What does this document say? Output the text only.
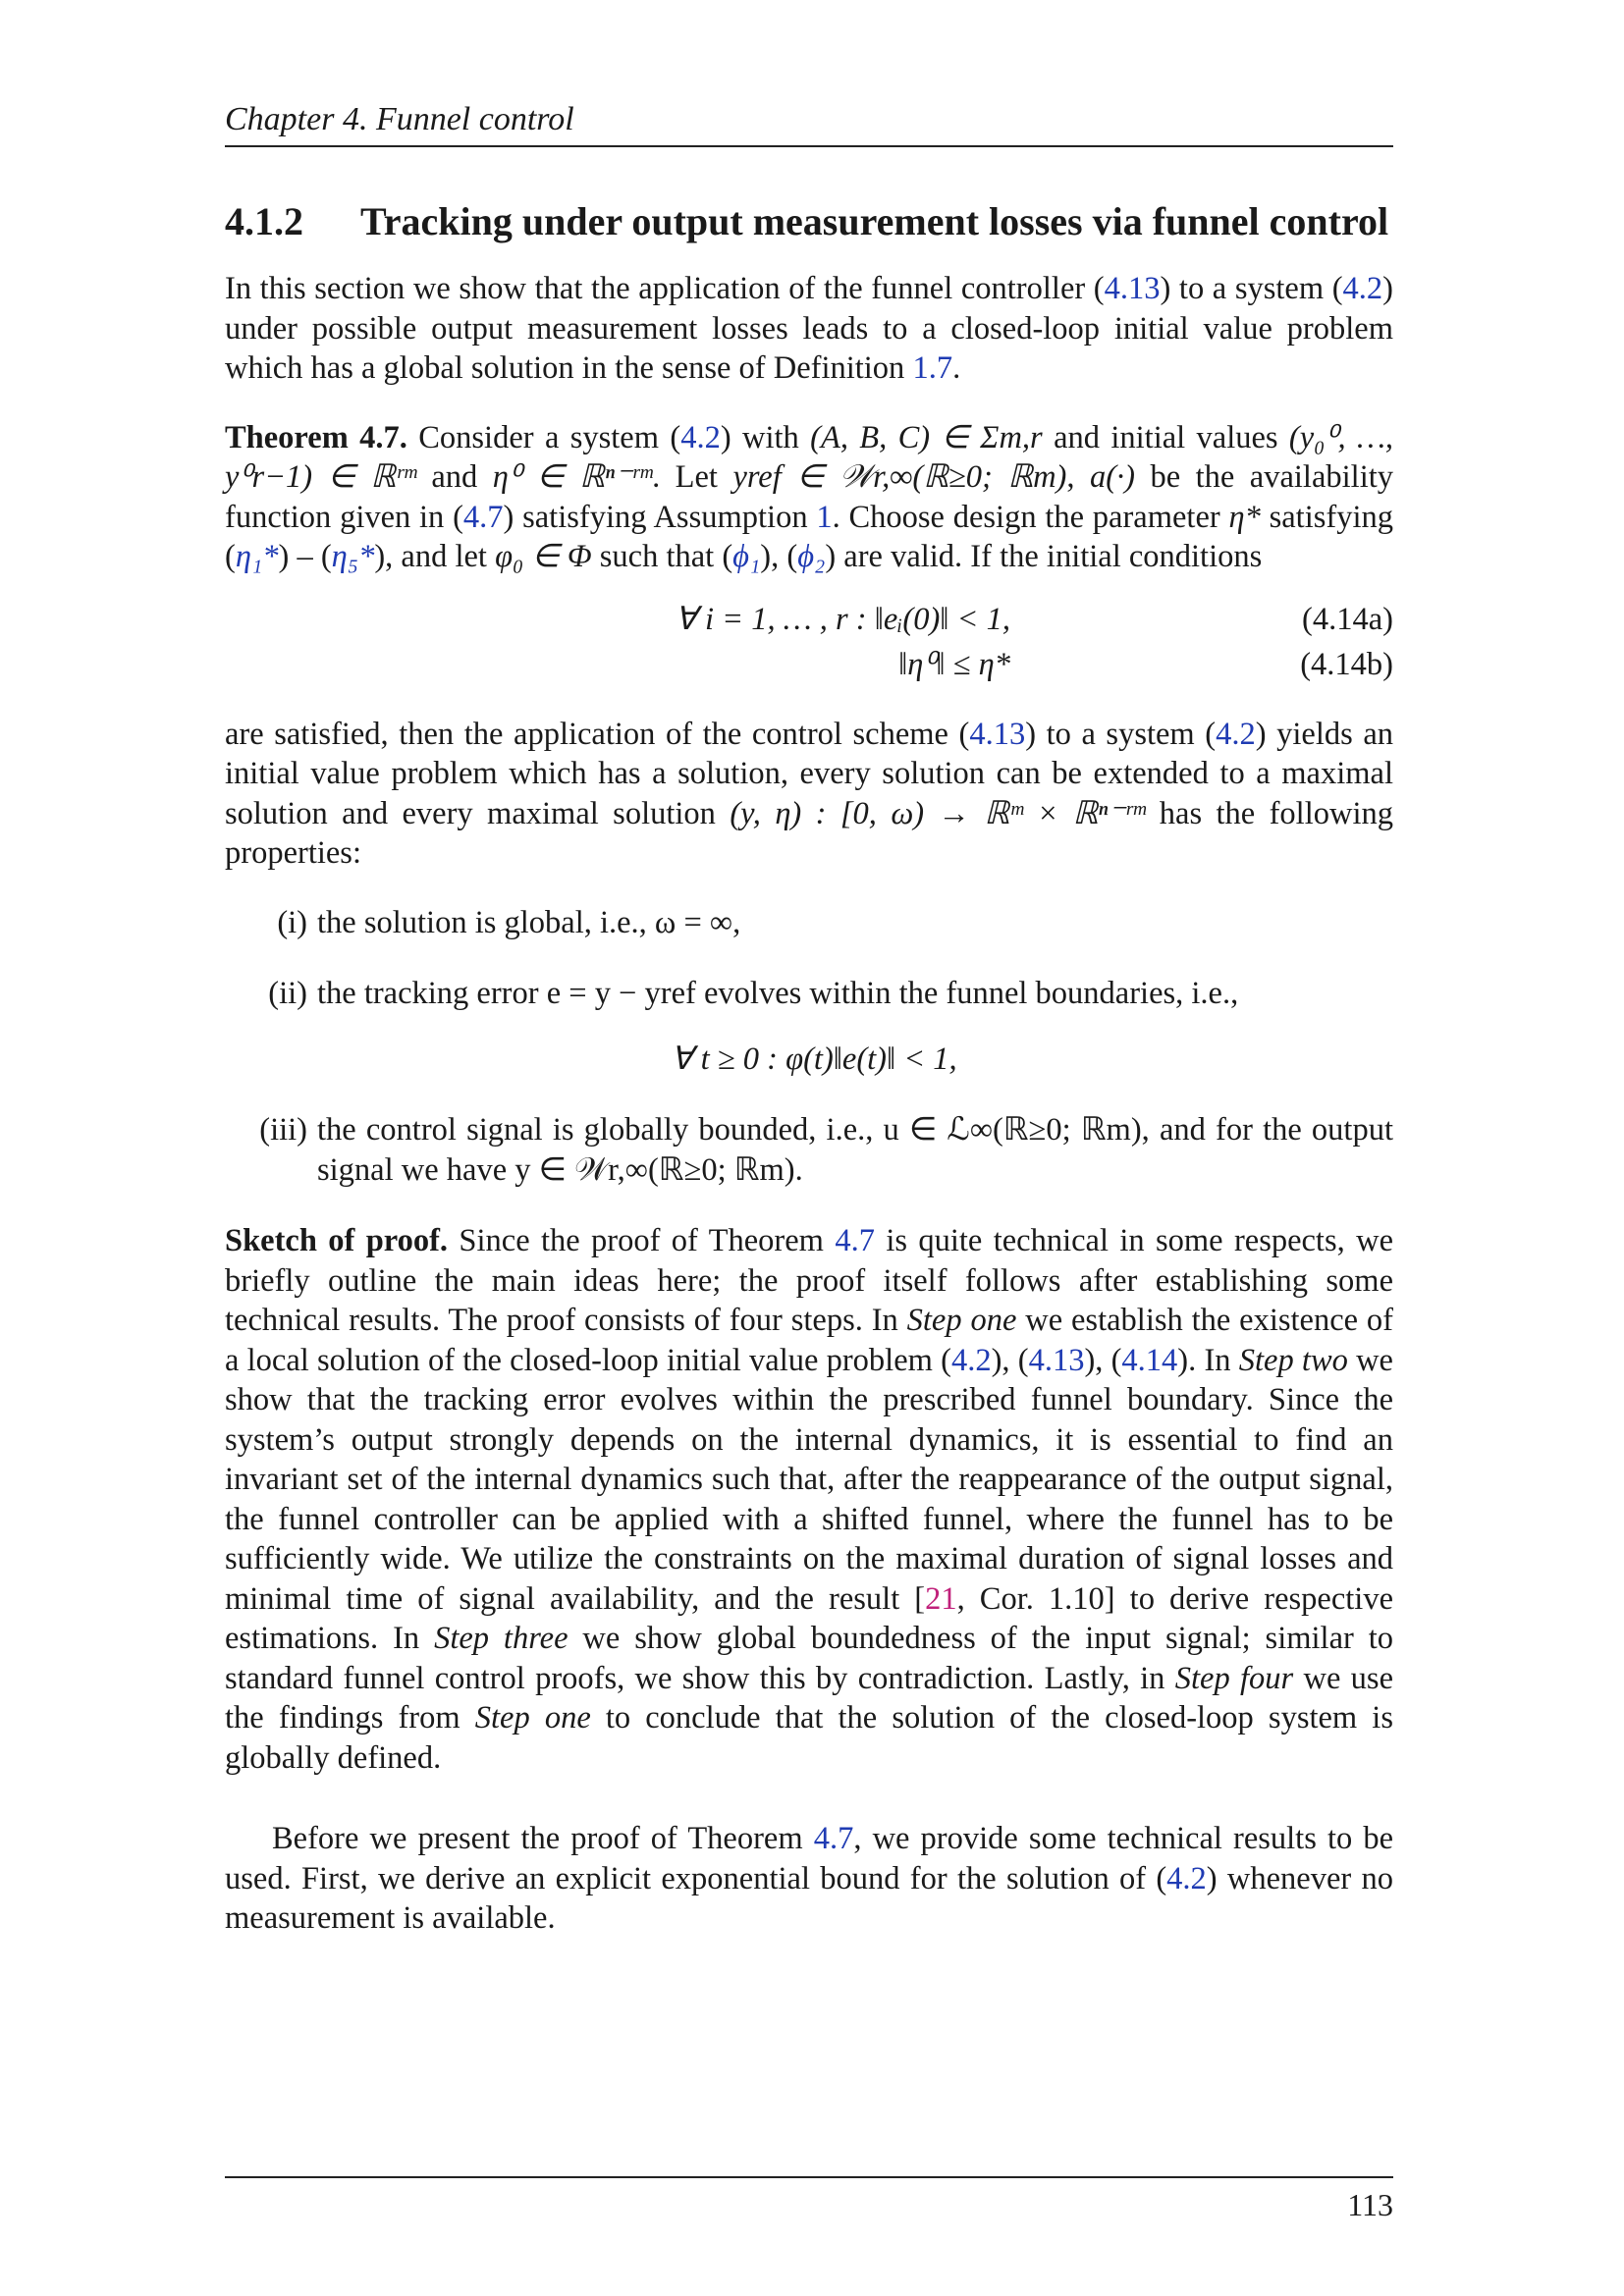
Chapter 4. Funnel control
4.1.2	Tracking under output measurement losses via funnel control

In this section we show that the application of the funnel controller (4.13) to a system (4.2) under possible output measurement losses leads to a closed-loop initial value problem which has a global solution in the sense of Definition 1.7.

Theorem 4.7. Consider a system (4.2) with (A, B, C) ∈ Σm,r and initial values (y₀⁰, …, y⁰r−1) ∈ ℝʳᵐ and η⁰ ∈ ℝⁿ⁻ʳᵐ. Let yref ∈ 𝒲r,∞(ℝ≥0; ℝm), a(·) be the availability function given in (4.7) satisfying Assumption 1. Choose design the parameter η* satisfying (η₁*) – (η₅*), and let φ₀ ∈ Φ such that (ϕ₁), (ϕ₂) are valid. If the initial conditions

∀ i = 1, … , r : ‖eᵢ(0)‖ < 1,	(4.14a)
‖η⁰‖ ≤ η*	(4.14b)

are satisfied, then the application of the control scheme (4.13) to a system (4.2) yields an initial value problem which has a solution, every solution can be extended to a maximal solution and every maximal solution (y, η) : [0, ω) → ℝᵐ × ℝⁿ⁻ʳᵐ has the following properties:

(i) the solution is global, i.e., ω = ∞,
(ii) the tracking error e = y − yref evolves within the funnel boundaries, i.e.,
∀ t ≥ 0 : φ(t)‖e(t)‖ < 1,
(iii) the control signal is globally bounded, i.e., u ∈ ℒ∞(ℝ≥0; ℝm), and for the output signal we have y ∈ 𝒲r,∞(ℝ≥0; ℝm).

Sketch of proof. Since the proof of Theorem 4.7 is quite technical in some respects, we briefly outline the main ideas here; the proof itself follows after establishing some technical results. The proof consists of four steps. In Step one we establish the existence of a local solution of the closed-loop initial value problem (4.2), (4.13), (4.14). In Step two we show that the tracking error evolves within the prescribed funnel boundary. Since the system’s output strongly depends on the internal dynamics, it is essential to find an invariant set of the internal dynamics such that, after the reappearance of the output signal, the funnel controller can be applied with a shifted funnel, where the funnel has to be sufficiently wide. We utilize the constraints on the maximal duration of signal losses and minimal time of signal availability, and the result [21, Cor. 1.10] to derive respective estimations. In Step three we show global boundedness of the input signal; similar to standard funnel control proofs, we show this by contradiction. Lastly, in Step four we use the findings from Step one to conclude that the solution of the closed-loop system is globally defined.

Before we present the proof of Theorem 4.7, we provide some technical results to be used. First, we derive an explicit exponential bound for the solution of (4.2) whenever no measurement is available.

113
